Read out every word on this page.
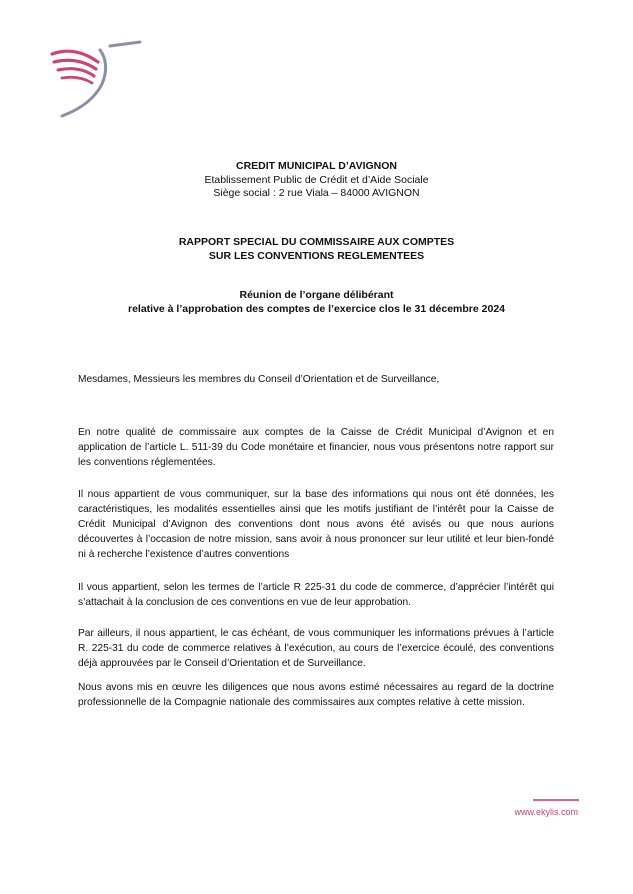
CREDIT MUNICIPAL D’AVIGNON
Etablissement Public de Crédit et d’Aide Sociale
Siège social : 2 rue Viala – 84000 AVIGNON
RAPPORT SPECIAL DU COMMISSAIRE AUX COMPTES
SUR LES CONVENTIONS REGLEMENTEES
Réunion de l’organe délibérant
relative à l’approbation des comptes de l’exercice clos le 31 décembre 2024
Mesdames, Messieurs les membres du Conseil d’Orientation et de Surveillance,
En notre qualité de commissaire aux comptes de la Caisse de Crédit Municipal d’Avignon et en application de l’article L. 511-39 du Code monétaire et financier, nous vous présentons notre rapport sur les conventions réglementées.
Il nous appartient de vous communiquer, sur la base des informations qui nous ont été données, les caractéristiques, les modalités essentielles ainsi que les motifs justifiant de l’intérêt pour la Caisse de Crédit Municipal d’Avignon des conventions dont nous avons été avisés ou que nous aurions découvertes à l’occasion de notre mission, sans avoir à nous prononcer sur leur utilité et leur bien-fondé ni à recherche l’existence d’autres conventions
Il vous appartient, selon les termes de l’article R 225-31 du code de commerce, d’apprécier l’intérêt qui s’attachait à la conclusion de ces conventions en vue de leur approbation.
Par ailleurs, il nous appartient, le cas échéant, de vous communiquer les informations prévues à l’article R. 225-31 du code de commerce relatives à l’exécution, au cours de l’exercice écoulé, des conventions déjà approuvées par le Conseil d’Orientation et de Surveillance.
Nous avons mis en œuvre les diligences que nous avons estimé nécessaires au regard de la doctrine professionnelle de la Compagnie nationale des commissaires aux comptes relative à cette mission.
www.ekylis.com
